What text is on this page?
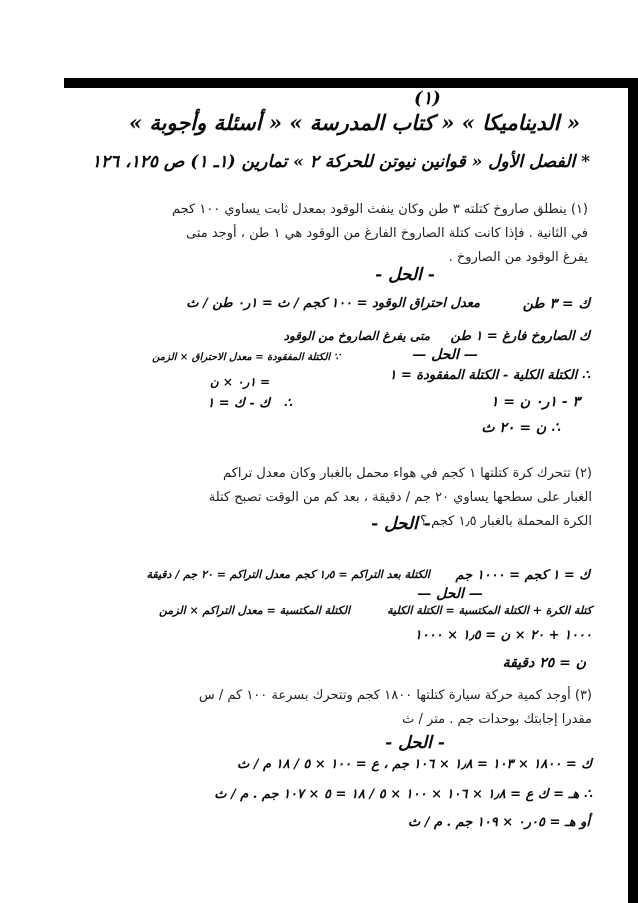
(١)
« الديناميكا » « كتاب المدرسة » « أسئلة وأجوبة »
* الفصل الأول « قوانين نيوتن للحركة ٢ » تمارين (١ـ ١) ص ١٢٥، ١٢٦
(١) ينطلق صاروخ كتلته ٣ طن وكان ينفث الوقود بمعدل ثابت يساوي ١٠٠ كجم في الثانية . فإذا كانت كتلة الصاروخ الفارغ من الوقود هي ١ طن ، أوجد متى يفرغ الوقود من الصاروخ .
- الحل -
ك = ٣ طن
معدل احتراق الوقود = ١٠٠ كجم / ث = ١ر٠ طن / ث
ك الصاروخ فارغ = ١ طن
متى يفرغ الصاروخ من الوقود
— الحل —
∴ الكتلة الكلية - الكتلة المفقودة = ١
٣ - ١ر٠ ن = ١
∴ ن = ٢٠ ث
∵ الكتلة المفقودة = معدل الاحتراق × الزمن
= ١ر٠ × ن
ك - ك = ١	∴
(٢) تتحرك كرة كتلتها ١ كجم في هواء محمل بالغبار وكان معدل تراكم الغبار على سطحها يساوي ٢٠ جم / دقيقة ، بعد كم من الوقت تصبح كتلة الكرة المحملة بالغبار ١٫٥ كجم ؟
- الحل -
ك = ١ كجم = ١٠٠٠ جم
الكتلة بعد التراكم = ١٫٥ كجم
معدل التراكم = ٢٠ جم / دقيقة
— الحل —
كتلة الكرة + الكتلة المكتسبة = الكتلة الكلية
١٠٠٠ + ٢٠ × ن = ١٫٥ × ١٠٠٠
ن = ٢٥ دقيقة
الكتلة المكتسبة = معدل التراكم × الزمن
(٣) أوجد كمية حركة سيارة كتلتها ١٨٠٠ كجم وتتحرك بسرعة ١٠٠ كم / س مقدرا إجابتك بوحدات جم . متر / ث
- الحل -
ك = ١٨٠٠ × ١٠٣ = ١٫٨ × ١٠٦ جم ، ع = ١٠٠ × ٥ / ١٨ م / ث
∴ هـ = ك ع = ١٫٨ × ١٠٦ × ١٠٠ × ٥ / ١٨ = ٥ × ١٠٧ جم . م / ث
أو هـ = ٠٥ر٠ × ١٠٩ جم . م / ث
